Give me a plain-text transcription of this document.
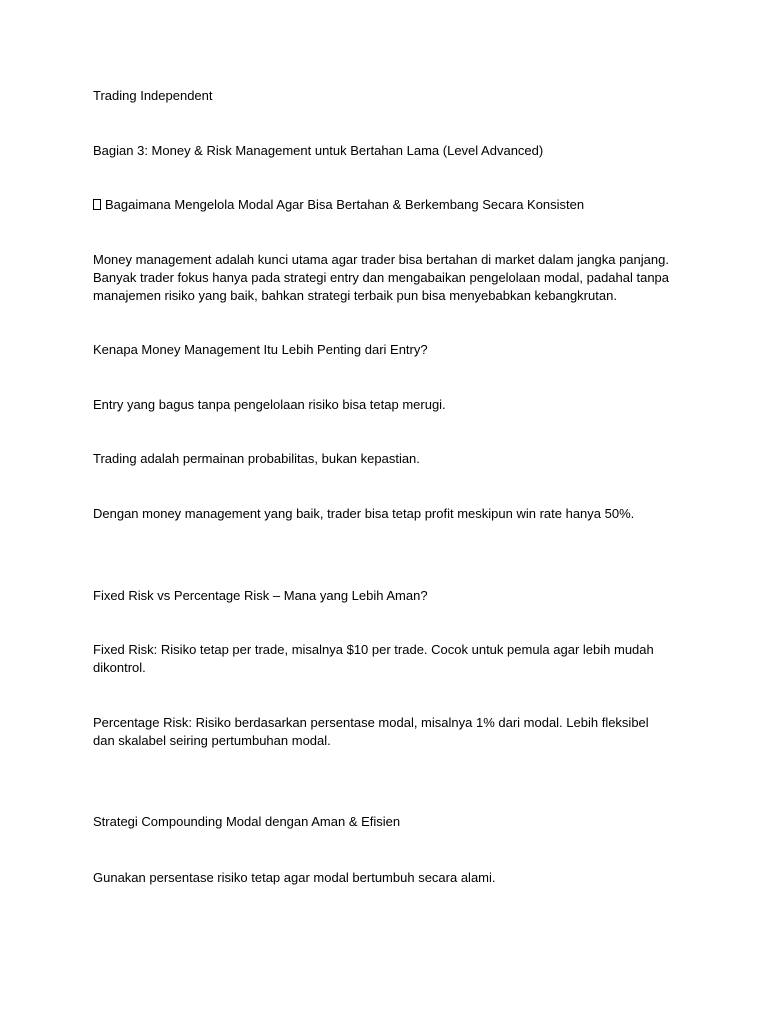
Trading Independent

Bagian 3: Money & Risk Management untuk Bertahan Lama (Level Advanced)

Bagaimana Mengelola Modal Agar Bisa Bertahan & Berkembang Secara Konsisten

Money management adalah kunci utama agar trader bisa bertahan di market dalam jangka panjang. Banyak trader fokus hanya pada strategi entry dan mengabaikan pengelolaan modal, padahal tanpa manajemen risiko yang baik, bahkan strategi terbaik pun bisa menyebabkan kebangkrutan.

Kenapa Money Management Itu Lebih Penting dari Entry?

Entry yang bagus tanpa pengelolaan risiko bisa tetap merugi.

Trading adalah permainan probabilitas, bukan kepastian.

Dengan money management yang baik, trader bisa tetap profit meskipun win rate hanya 50%.

Fixed Risk vs Percentage Risk – Mana yang Lebih Aman?

Fixed Risk: Risiko tetap per trade, misalnya $10 per trade. Cocok untuk pemula agar lebih mudah dikontrol.

Percentage Risk: Risiko berdasarkan persentase modal, misalnya 1% dari modal. Lebih fleksibel dan skalabel seiring pertumbuhan modal.

Strategi Compounding Modal dengan Aman & Efisien

Gunakan persentase risiko tetap agar modal bertumbuh secara alami.
